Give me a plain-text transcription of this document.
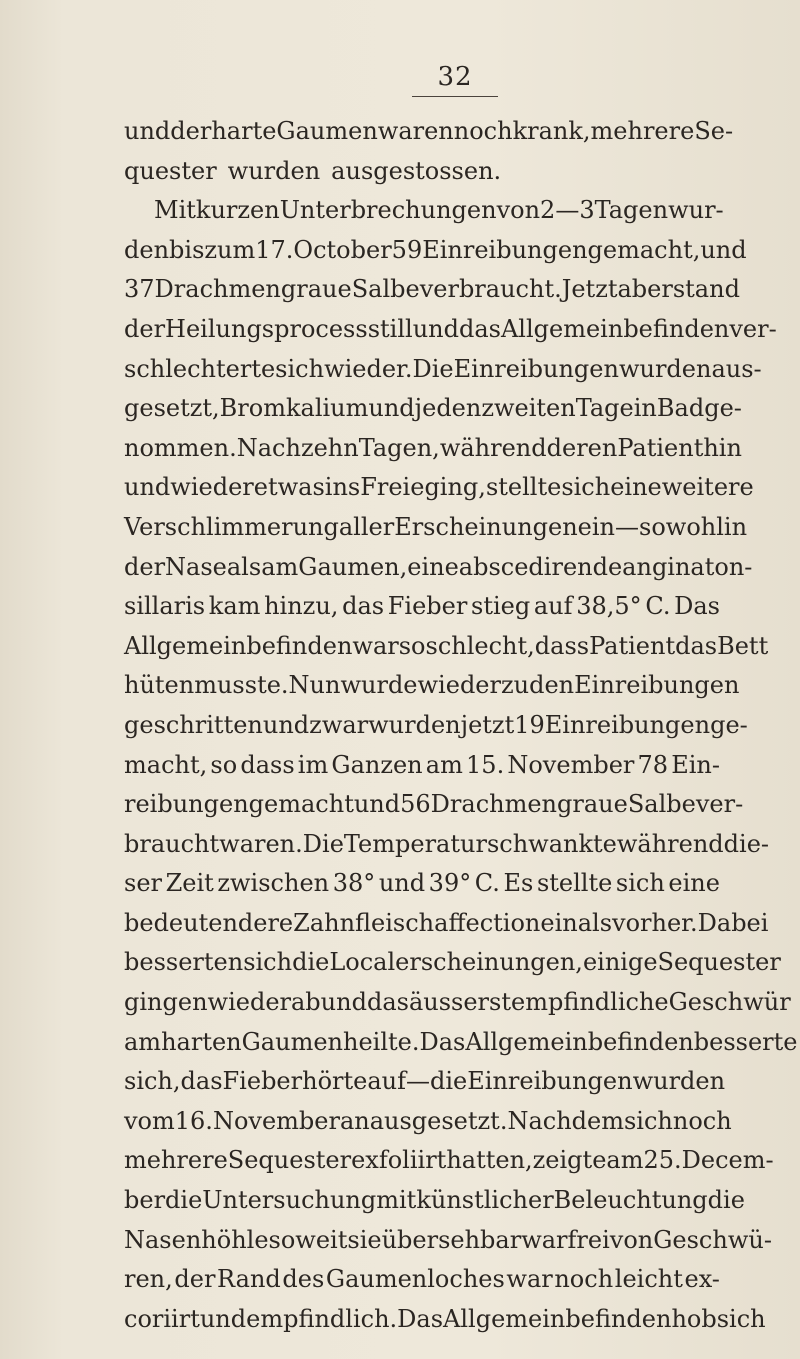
32
und der harte Gaumen waren noch krank, mehrere Se-
quester wurden ausgestossen.
Mit kurzen Unterbrechungen von 2—3 Tagen wur-
den bis zum 17. October 59 Einreibungen gemacht, und
37 Drachmen graue Salbe verbraucht. Jetzt aber stand
der Heilungsprocess still und das Allgemeinbefinden ver-
schlechterte sich wieder. Die Einreibungen wurden aus-
gesetzt, Bromkalium und jeden zweiten Tag ein Bad ge-
nommen. Nach zehn Tagen, während deren Patient hin
und wieder etwas ins Freie ging, stellte sich eine weitere
Verschlimmerung aller Erscheinungen ein — sowohl in
der Nase als am Gaumen, eine abscedirende angina ton-
sillaris kam hinzu, das Fieber stieg auf 38,5° C. Das
Allgemeinbefinden war so schlecht, dass Patient das Bett
hüten musste. Nun wurde wieder zu den Einreibungen
geschritten und zwar wurden jetzt 19 Einreibungen ge-
macht, so dass im Ganzen am 15. November 78 Ein-
reibungen gemacht und 56 Drachmen graue Salbe ver-
braucht waren. Die Temperatur schwankte während die-
ser Zeit zwischen 38° und 39° C. Es stellte sich eine
bedeutendere Zahnfleischaffection ein als vorher. Dabei
besserten sich die Localerscheinungen, einige Sequester
gingen wieder ab und das äusserst empfindliche Geschwür
am harten Gaumen heilte. Das Allgemeinbefinden besserte
sich, das Fieber hörte auf — die Einreibungen wurden
vom 16. November an ausgesetzt. Nachdem sich noch
mehrere Sequester exfoliirt hatten, zeigte am 25. Decem-
ber die Untersuchung mit künstlicher Beleuchtung die
Nasenhöhle soweit sie übersehbar war frei von Geschwü-
ren, der Rand des Gaumenloches war noch leicht ex-
coriirt und empfindlich. Das Allgemeinbefinden hob sich
